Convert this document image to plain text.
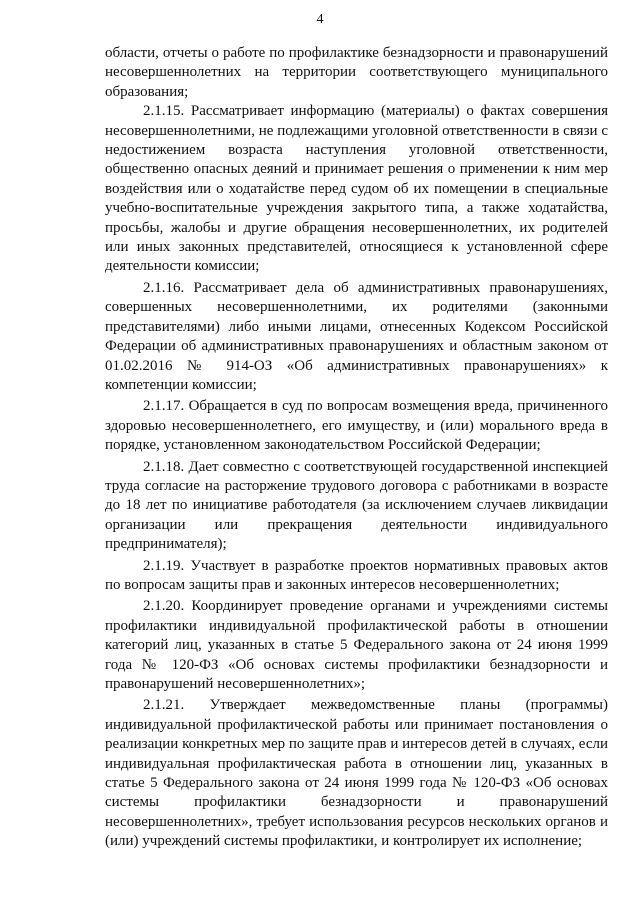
4

области, отчеты о работе по профилактике безнадзорности и правонарушений несовершеннолетних на территории соответствующего муниципального образования;

2.1.15. Рассматривает информацию (материалы) о фактах совершения несовершеннолетними, не подлежащими уголовной ответственности в связи с недостижением возраста наступления уголовной ответственности, общественно опасных деяний и принимает решения о применении к ним мер воздействия или о ходатайстве перед судом об их помещении в специальные учебно-воспитательные учреждения закрытого типа, а также ходатайства, просьбы, жалобы и другие обращения несовершеннолетних, их родителей или иных законных представителей, относящиеся к установленной сфере деятельности комиссии;

2.1.16. Рассматривает дела об административных правонарушениях, совершенных несовершеннолетними, их родителями (законными представителями) либо иными лицами, отнесенных Кодексом Российской Федерации об административных правонарушениях и областным законом от 01.02.2016 № 914-ОЗ «Об административных правонарушениях» к компетенции комиссии;

2.1.17. Обращается в суд по вопросам возмещения вреда, причиненного здоровью несовершеннолетнего, его имуществу, и (или) морального вреда в порядке, установленном законодательством Российской Федерации;

2.1.18. Дает совместно с соответствующей государственной инспекцией труда согласие на расторжение трудового договора с работниками в возрасте до 18 лет по инициативе работодателя (за исключением случаев ликвидации организации или прекращения деятельности индивидуального предпринимателя);

2.1.19. Участвует в разработке проектов нормативных правовых актов по вопросам защиты прав и законных интересов несовершеннолетних;

2.1.20. Координирует проведение органами и учреждениями системы профилактики индивидуальной профилактической работы в отношении категорий лиц, указанных в статье 5 Федерального закона от 24 июня 1999 года № 120-ФЗ «Об основах системы профилактики безнадзорности и правонарушений несовершеннолетних»;

2.1.21. Утверждает межведомственные планы (программы) индивидуальной профилактической работы или принимает постановления о реализации конкретных мер по защите прав и интересов детей в случаях, если индивидуальная профилактическая работа в отношении лиц, указанных в статье 5 Федерального закона от 24 июня 1999 года № 120-ФЗ «Об основах системы профилактики безнадзорности и правонарушений несовершеннолетних», требует использования ресурсов нескольких органов и (или) учреждений системы профилактики, и контролирует их исполнение;
